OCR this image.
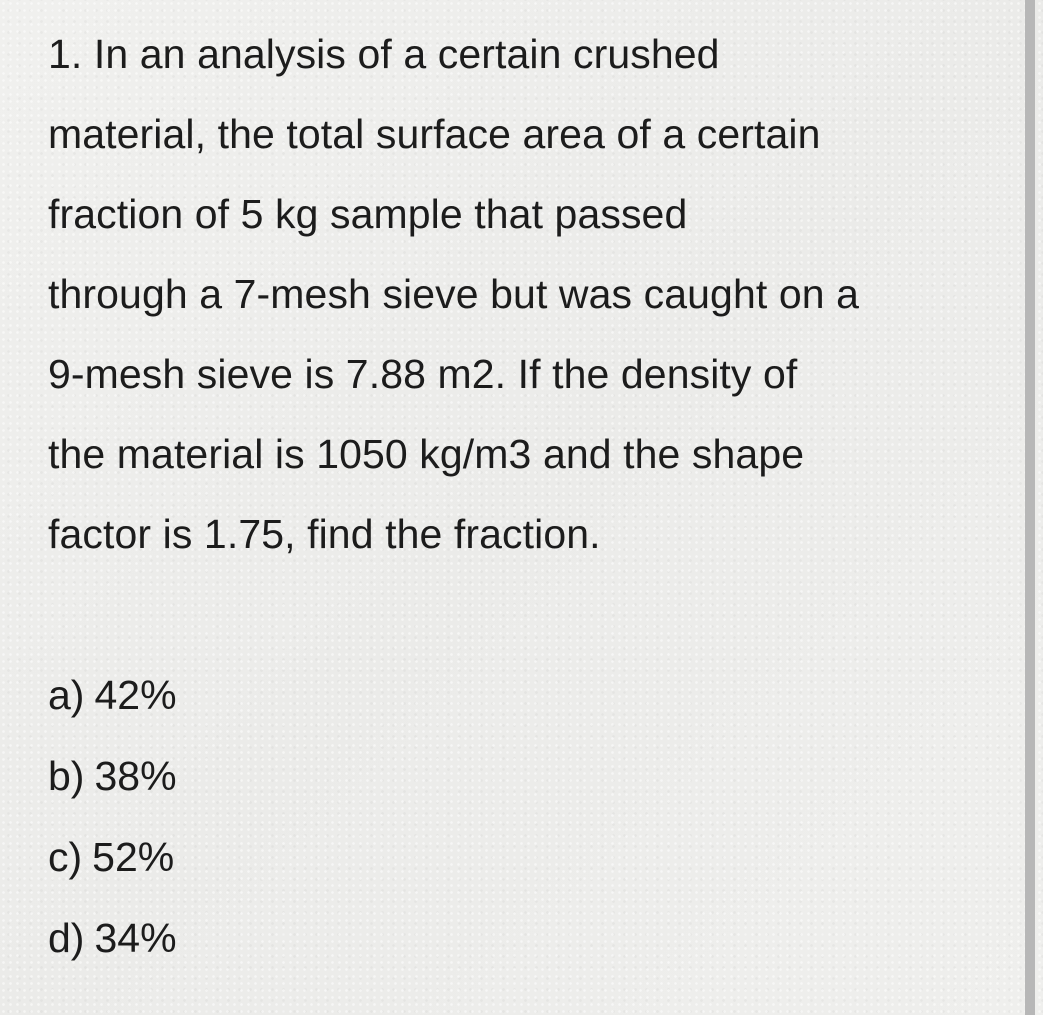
1. In an analysis of a certain crushed
material, the total surface area of a certain
fraction of 5 kg sample that passed
through a 7-mesh sieve but was caught on a
9-mesh sieve is 7.88 m2. If the density of
the material is 1050 kg/m3 and the shape
factor is 1.75, find the fraction.

a) 42%
b) 38%
c) 52%
d) 34%
